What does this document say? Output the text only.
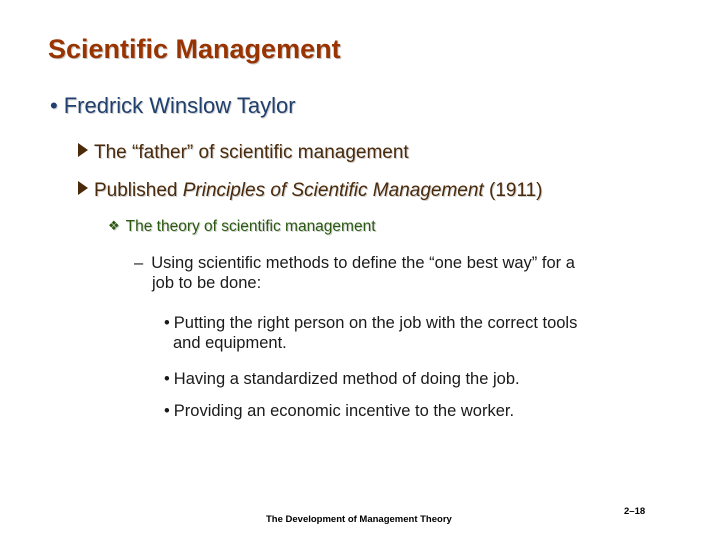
Scientific Management
• Fredrick Winslow Taylor
The “father” of scientific management
Published Principles of Scientific Management (1911)
❖ The theory of scientific management
– Using scientific methods to define the “one best way” for a
job to be done:
• Putting the right person on the job with the correct tools
and equipment.
• Having a standardized method of doing the job.
• Providing an economic incentive to the worker.
The Development of Management Theory
2–18
